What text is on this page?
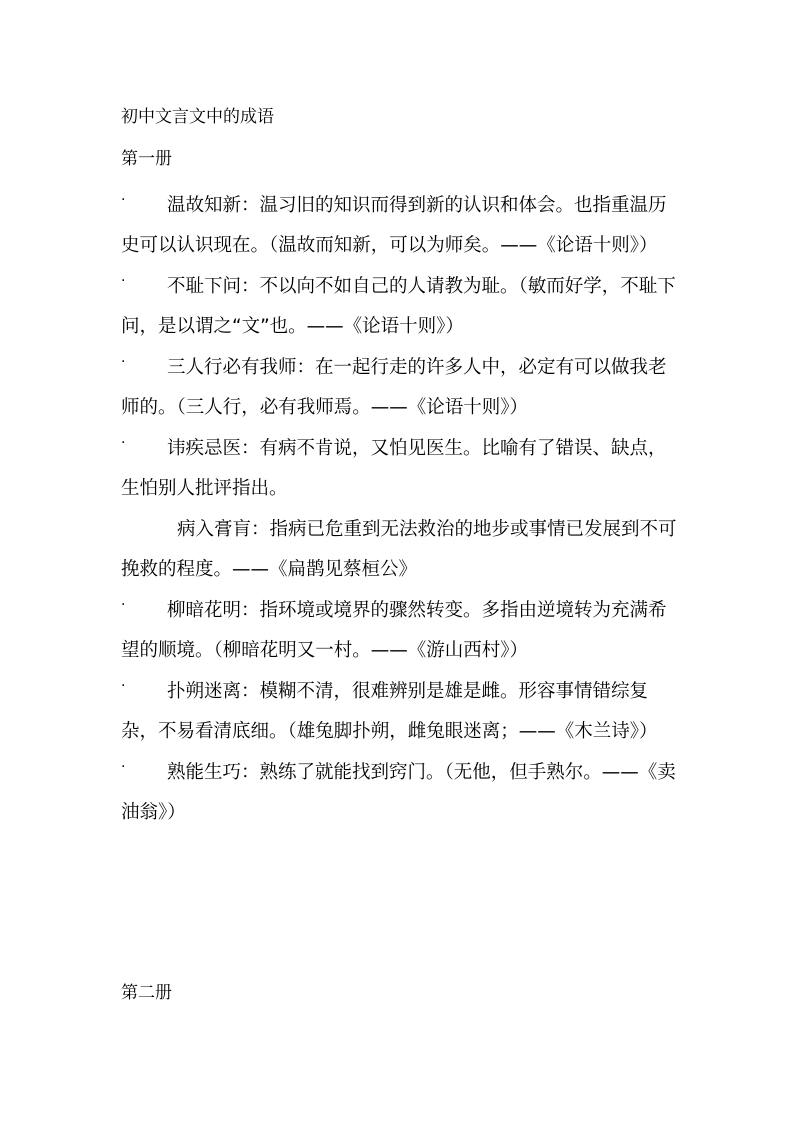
初中文言文中的成语
第一册
·	温故知新：温习旧的知识而得到新的认识和体会。也指重温历史可以认识现在。（温故而知新，可以为师矣。——《论语十则》）
·	不耻下问：不以向不如自己的人请教为耻。（敏而好学，不耻下问，是以谓之“文”也。——《论语十则》）
·	三人行必有我师：在一起行走的许多人中，必定有可以做我老师的。（三人行，必有我师焉。——《论语十则》）
·	讳疾忌医：有病不肯说，又怕见医生。比喻有了错误、缺点，生怕别人批评指出。
病入膏肓：指病已危重到无法救治的地步或事情已发展到不可挽救的程度。——《扁鹊见蔡桓公》
·	柳暗花明：指环境或境界的骤然转变。多指由逆境转为充满希望的顺境。（柳暗花明又一村。——《游山西村》）
·	扑朔迷离：模糊不清，很难辨别是雄是雌。形容事情错综复杂，不易看清底细。（雄兔脚扑朔，雌兔眼迷离；——《木兰诗》）
·	熟能生巧：熟练了就能找到窍门。（无他，但手熟尔。——《卖油翁》）
第二册
